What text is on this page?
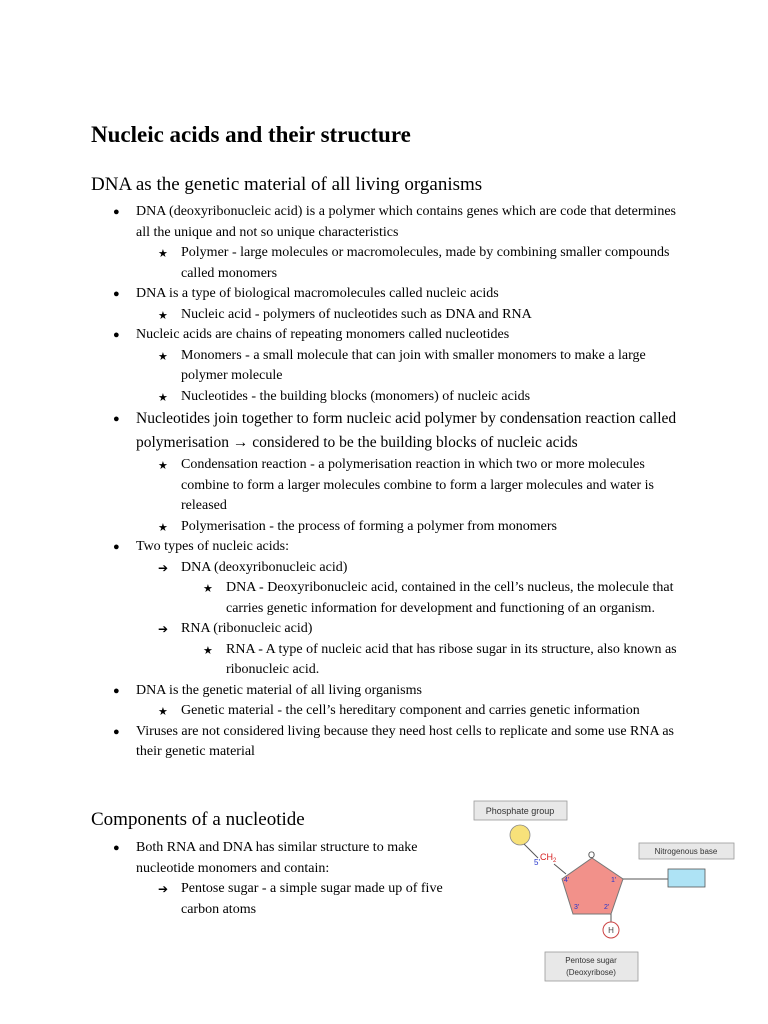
Nucleic acids and their structure
DNA as the genetic material of all living organisms
● DNA (deoxyribonucleic acid) is a polymer which contains genes which are code that determines all the unique and not so unique characteristics
★ Polymer - large molecules or macromolecules, made by combining smaller compounds called monomers
● DNA is a type of biological macromolecules called nucleic acids
★ Nucleic acid - polymers of nucleotides such as DNA and RNA
● Nucleic acids are chains of repeating monomers called nucleotides
★ Monomers - a small molecule that can join with smaller monomers to make a large polymer molecule
★ Nucleotides - the building blocks (monomers) of nucleic acids
● Nucleotides join together to form nucleic acid polymer by condensation reaction called polymerisation → considered to be the building blocks of nucleic acids
★ Condensation reaction - a polymerisation reaction in which two or more molecules combine to form a larger molecules combine to form a larger molecules and water is released
★ Polymerisation - the process of forming a polymer from monomers
● Two types of nucleic acids:
➔ DNA (deoxyribonucleic acid)
★ DNA - Deoxyribonucleic acid, contained in the cell’s nucleus, the molecule that carries genetic information for development and functioning of an organism.
➔ RNA (ribonucleic acid)
★ RNA - A type of nucleic acid that has ribose sugar in its structure, also known as ribonucleic acid.
● DNA is the genetic material of all living organisms
★ Genetic material - the cell’s hereditary component and carries genetic information
● Viruses are not considered living because they need host cells to replicate and some use RNA as their genetic material
Components of a nucleotide
● Both RNA and DNA has similar structure to make nucleotide monomers and contain:
➔ Pentose sugar - a simple sugar made up of five carbon atoms
Phosphate group
5'
$CH_2$
O
4'	1'
3'	2'
H
Nitrogenous base
Pentose sugar
(Deoxyribose)
